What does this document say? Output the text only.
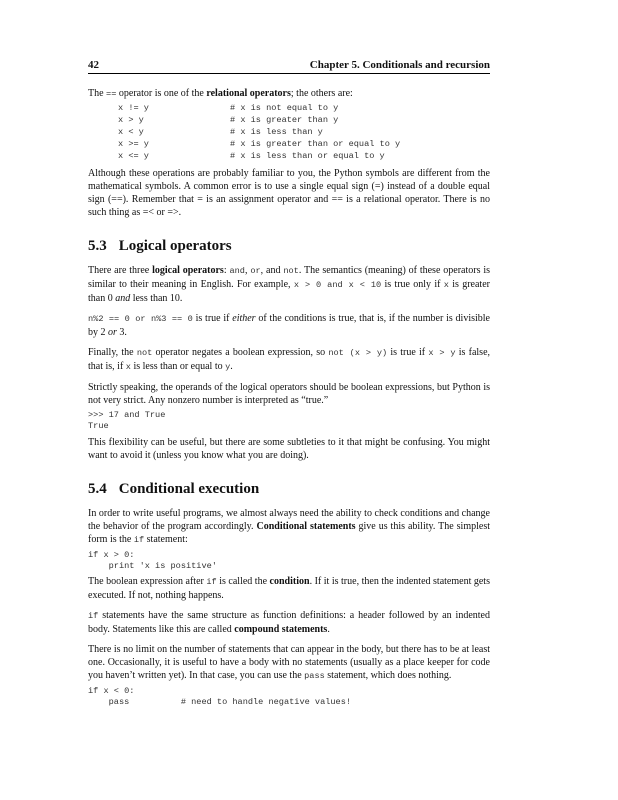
42	Chapter 5. Conditionals and recursion

The == operator is one of the relational operators; the others are:

x != y	# x is not equal to y

x > y	# x is greater than y

x < y	# x is less than y

x >= y	# x is greater than or equal to y

x <= y	# x is less than or equal to y

Although these operations are probably familiar to you, the Python symbols are different from the mathematical symbols. A common error is to use a single equal sign (=) instead of a double equal sign (==). Remember that = is an assignment operator and == is a relational operator. There is no such thing as =< or =>.

5.3 Logical operators

There are three logical operators: and, or, and not. The semantics (meaning) of these operators is similar to their meaning in English. For example, x > 0 and x < 10 is true only if x is greater than 0 and less than 10.

n%2 == 0 or n%3 == 0 is true if either of the conditions is true, that is, if the number is divisible by 2 or 3.

Finally, the not operator negates a boolean expression, so not (x > y) is true if x > y is false, that is, if x is less than or equal to y.

Strictly speaking, the operands of the logical operators should be boolean expressions, but Python is not very strict. Any nonzero number is interpreted as “true.”

>>> 17 and True
True

This flexibility can be useful, but there are some subtleties to it that might be confusing. You might want to avoid it (unless you know what you are doing).

5.4 Conditional execution

In order to write useful programs, we almost always need the ability to check conditions and change the behavior of the program accordingly. Conditional statements give us this ability. The simplest form is the if statement:

if x > 0:
print 'x is positive'

The boolean expression after if is called the condition. If it is true, then the indented statement gets executed. If not, nothing happens.

if statements have the same structure as function definitions: a header followed by an indented body. Statements like this are called compound statements.

There is no limit on the number of statements that can appear in the body, but there has to be at least one. Occasionally, it is useful to have a body with no statements (usually as a place keeper for code you haven’t written yet). In that case, you can use the pass statement, which does nothing.

if x < 0:
pass          # need to handle negative values!
